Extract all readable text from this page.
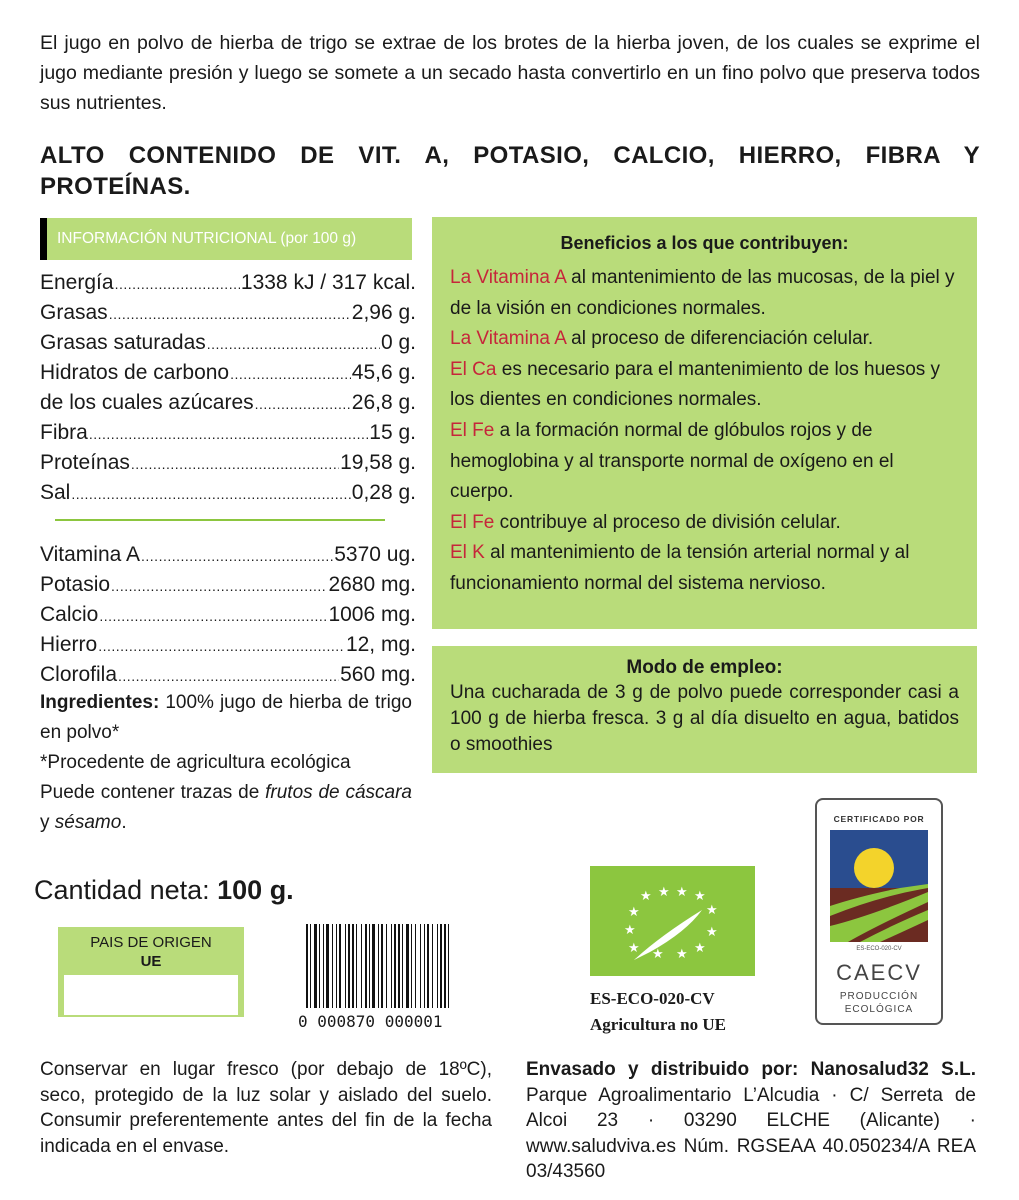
El jugo en polvo de hierba de trigo se extrae de los brotes de la hierba joven, de los cuales se exprime el jugo mediante presión y luego se somete a un secado hasta convertirlo en un fino polvo que preserva todos sus nutrientes.
ALTO CONTENIDO DE VIT. A, POTASIO, CALCIO, HIERRO, FIBRA Y PROTEÍNAS.
INFORMACIÓN NUTRICIONAL (por 100 g)
Energía .....	1338 kJ / 317 kcal.
Grasas .....	2,96 g.
Grasas saturadas .....	0 g.
Hidratos de carbono .....	45,6 g.
de los cuales azúcares .....	26,8 g.
Fibra .....	15 g.
Proteínas .....	19,58 g.
Sal .....	0,28 g.
Vitamina A .....	5370 ug.
Potasio .....	2680 mg.
Calcio .....	1006 mg.
Hierro .....	12, mg.
Clorofila .....	560 mg.
Ingredientes: 100% jugo de hierba de trigo en polvo*
*Procedente de agricultura ecológica
Puede contener trazas de frutos de cáscara y sésamo.
Cantidad neta: 100 g.
Beneficios a los que contribuyen:

La Vitamina A al mantenimiento de las mucosas, de la piel y de la visión en condiciones normales.

La Vitamina A al proceso de diferenciación celular.

El Ca es necesario para el mantenimiento de los huesos y los dientes en condiciones normales.

El Fe a la formación normal de glóbulos rojos y de hemoglobina y al transporte normal de oxígeno en el cuerpo.

El Fe contribuye al proceso de división celular.

El K al mantenimiento de la tensión arterial normal y al funcionamiento normal del sistema nervioso.

Modo de empleo:
Una cucharada de 3 g de polvo puede corresponder casi a 100 g de hierba fresca. 3 g al día disuelto en agua, batidos o smoothies
PAIS DE ORIGEN
UE
0 000870 000001
★ ★ ★ ★
★
★
★
★
★
★
★
★
ES-ECO-020-CV
Agricultura no UE
CERTIFICADO POR
ES-ECO-020-CV
CAECV
PRODUCCIÓN
ECOLÓGICA
Conservar en lugar fresco (por debajo de 18ºC), seco, protegido de la luz solar y aislado del suelo. Consumir preferentemente antes del fin de la fecha indicada en el envase.
Envasado y distribuido por: Nanosalud32 S.L. Parque Agroalimentario L’Alcudia · C/ Serreta de Alcoi 23 · 03290 ELCHE (Alicante) · www.saludviva.es Núm. RGSEAA 40.050234/A REA 03/43560
